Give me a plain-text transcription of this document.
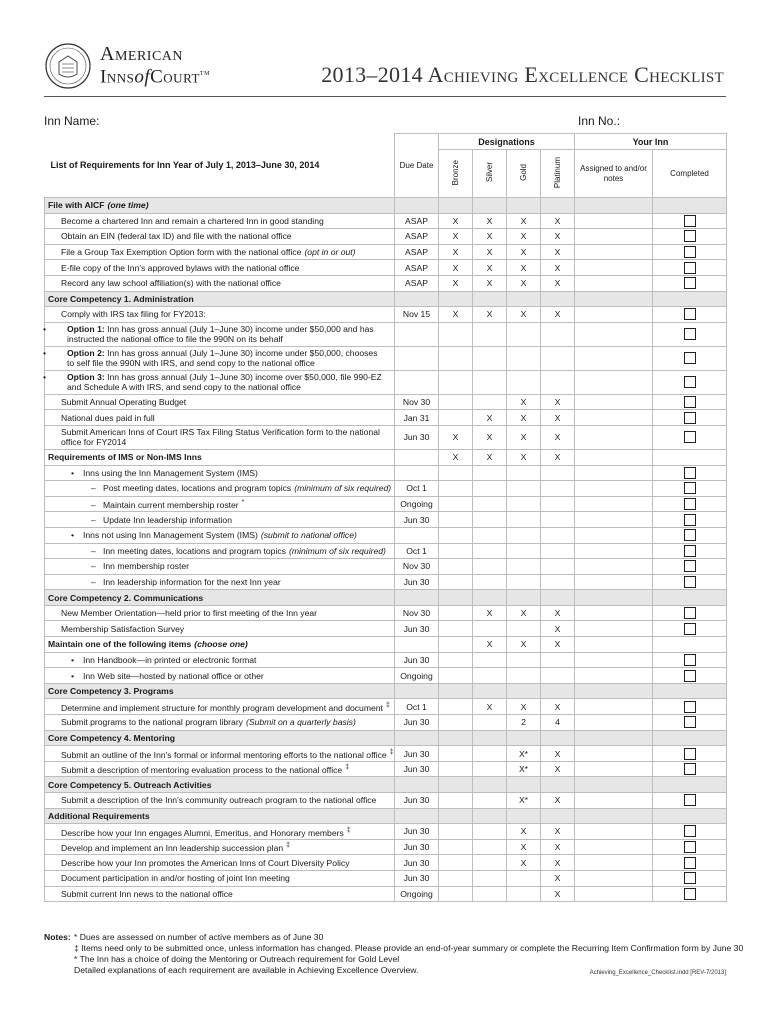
American
InnsofCourt™	2013–2014 Achieving Excellence Checklist
Inn Name:	Inn No.:
List of Requirements for Inn Year of July 1, 2013–June 30, 2014	Due Date	Designations				Your Inn	
		Bronze	Silver	Gold	Platinum	Assigned to and/or notes	Completed
File with AICF (one time)							
Become a chartered Inn and remain a chartered Inn in good standing	ASAP	X	X	X	X		
Obtain an EIN (federal tax ID) and file with the national office	ASAP	X	X	X	X		
File a Group Tax Exemption Option form with the national office (opt in or out)	ASAP	X	X	X	X		
E-file copy of the Inn's approved bylaws with the national office	ASAP	X	X	X	X		
Record any law school affiliation(s) with the national office	ASAP	X	X	X	X		
Core Competency 1. Administration							
Comply with IRS tax filing for FY2013:	Nov 15	X	X	X	X		
• Option 1: Inn has gross annual (July 1–June 30) income under $50,000 and has instructed the national office to file the 990N on its behalf							
• Option 2: Inn has gross annual (July 1–June 30) income under $50,000, chooses to self file the 990N with IRS, and send copy to the national office							
• Option 3: Inn has gross annual (July 1–June 30) income over $50,000, file 990-EZ and Schedule A with IRS, and send copy to the national office							
Submit Annual Operating Budget	Nov 30			X	X		
National dues paid in full	Jan 31		X	X	X		
Submit American Inns of Court IRS Tax Filing Status Verification form to the national office for FY2014	Jun 30	X	X	X	X		
Requirements of IMS or Non-IMS Inns		X	X	X	X		
• Inns using the Inn Management System (IMS)							
– Post meeting dates, locations and program topics (minimum of six required)	Oct 1						
– Maintain current membership roster *	Ongoing						
– Update Inn leadership information	Jun 30						
• Inns not using Inn Management System (IMS) (submit to national office)							
– Inn meeting dates, locations and program topics (minimum of six required)	Oct 1						
– Inn membership roster	Nov 30						
– Inn leadership information for the next Inn year	Jun 30						
Core Competency 2. Communications							
New Member Orientation—held prior to first meeting of the Inn year	Nov 30		X	X	X		
Membership Satisfaction Survey	Jun 30				X		
Maintain one of the following items (choose one)			X	X	X		
• Inn Handbook—in printed or electronic format	Jun 30						
• Inn Web site—hosted by national office or other	Ongoing						
Core Competency 3. Programs							
Determine and implement structure for monthly program development and document ‡	Oct 1		X	X	X		
Submit programs to the national program library (Submit on a quarterly basis)	Jun 30			2	4		
Core Competency 4. Mentoring							
Submit an outline of the Inn's formal or informal mentoring efforts to the national office ‡	Jun 30			X*	X		
Submit a description of mentoring evaluation process to the national office ‡	Jun 30			X*	X		
Core Competency 5. Outreach Activities							
Submit a description of the Inn's community outreach program to the national office	Jun 30			X*	X		
Additional Requirements							
Describe how your Inn engages Alumni, Emeritus, and Honorary members ‡	Jun 30			X	X		
Develop and implement an Inn leadership succession plan ‡	Jun 30			X	X		
Describe how your Inn promotes the American Inns of Court Diversity Policy	Jun 30			X	X		
Document participation in and/or hosting of joint Inn meeting	Jun 30				X		
Submit current Inn news to the national office	Ongoing				X		
Notes: * Dues are assessed on number of active members as of June 30
‡ Items need only to be submitted once, unless information has changed. Please provide an end-of-year summary or complete the Recurring Item Confirmation form by June 30
* The Inn has a choice of doing the Mentoring or Outreach requirement for Gold Level
Detailed explanations of each requirement are available in Achieving Excellence Overview.	Achieving_Excellence_Checklist.indd [REV-7/2013]
